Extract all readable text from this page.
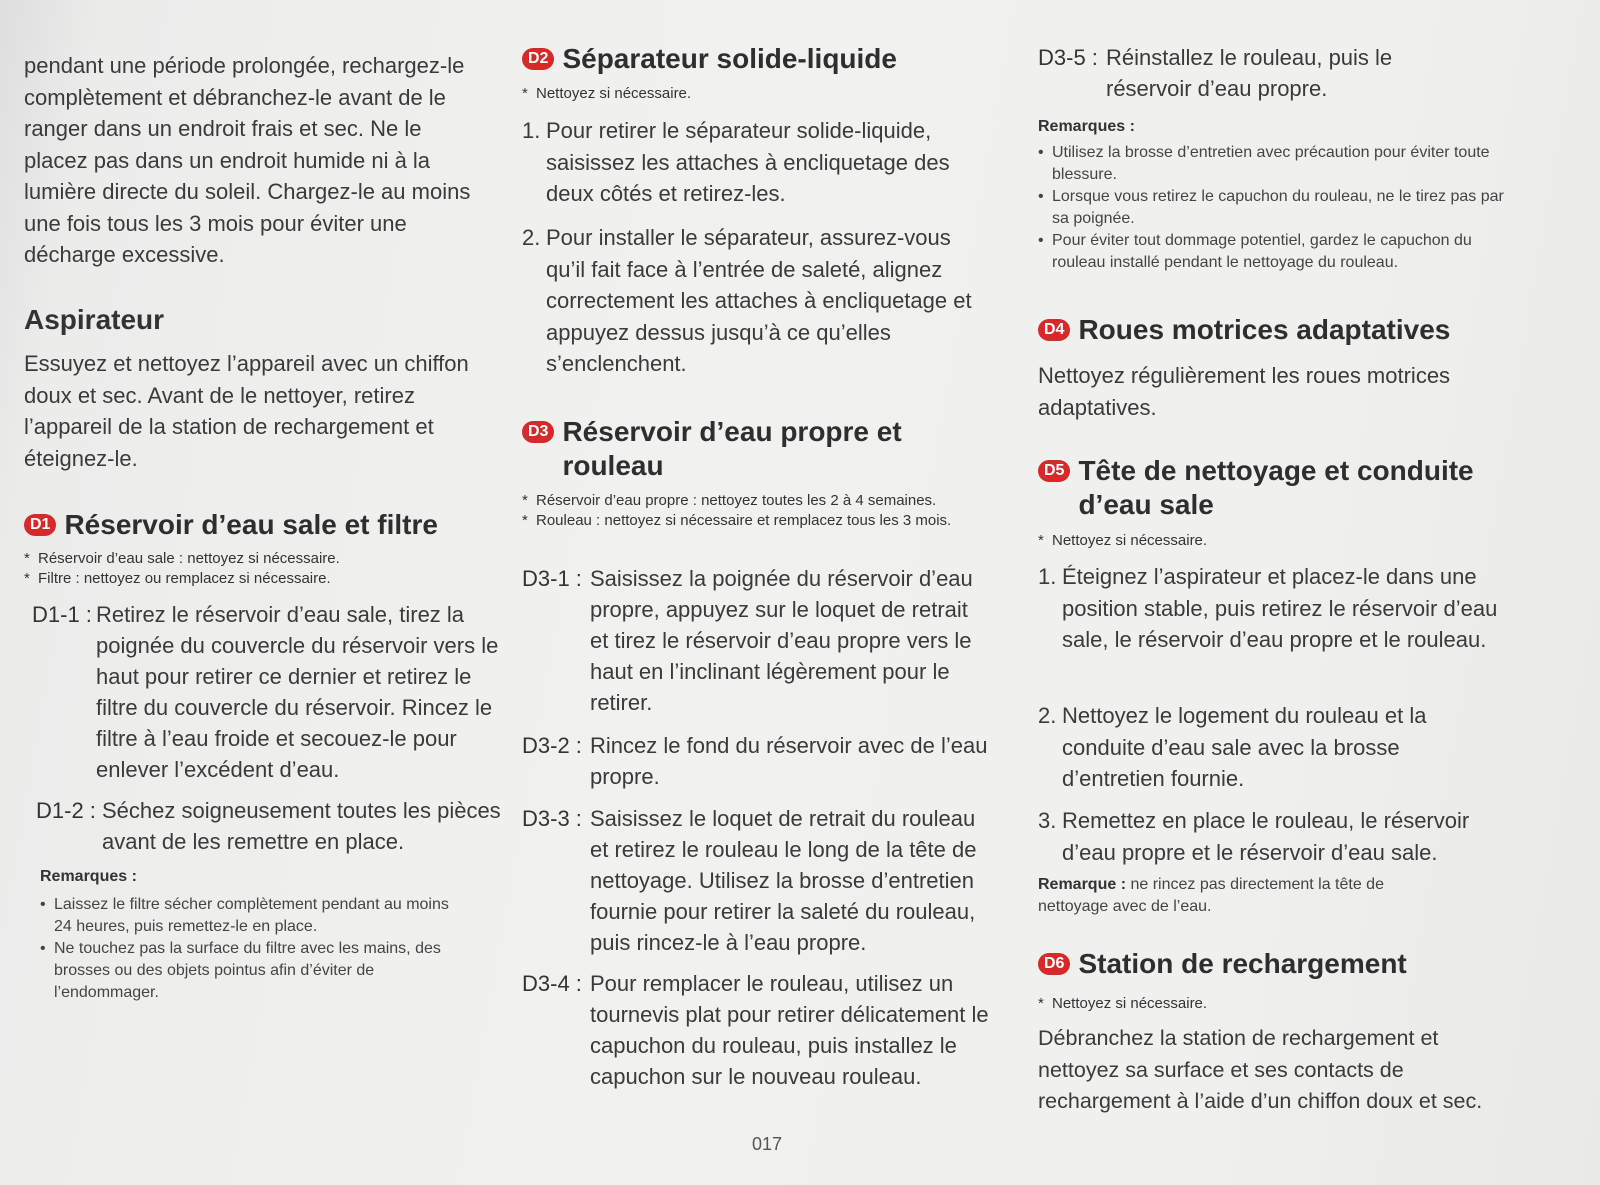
pendant une période prolongée, rechargez-le complètement et débranchez-le avant de le ranger dans un endroit frais et sec. Ne le placez pas dans un endroit humide ni à la lumière directe du soleil. Chargez-le au moins une fois tous les 3 mois pour éviter une décharge excessive.

Aspirateur

Essuyez et nettoyez l’appareil avec un chiffon doux et sec. Avant de le nettoyer, retirez l’appareil de la station de rechargement et éteignez-le.

D1 Réservoir d’eau sale et filtre

* Réservoir d’eau sale : nettoyez si nécessaire.

* Filtre : nettoyez ou remplacez si nécessaire.

D1-1 : Retirez le réservoir d’eau sale, tirez la poignée du couvercle du réservoir vers le haut pour retirer ce dernier et retirez le filtre du couvercle du réservoir. Rincez le filtre à l’eau froide et secouez-le pour enlever l’excédent d’eau.
D1-2 : Séchez soigneusement toutes les pièces avant de les remettre en place.

Remarques :

• Laissez le filtre sécher complètement pendant au moins 24 heures, puis remettez-le en place.

• Ne touchez pas la surface du filtre avec les mains, des brosses ou des objets pointus afin d’éviter de l’endommager.

D2 Séparateur solide-liquide

* Nettoyez si nécessaire.

1. Pour retirer le séparateur solide-liquide, saisissez les attaches à encliquetage des deux côtés et retirez-les.
2. Pour installer le séparateur, assurez-vous qu’il fait face à l’entrée de saleté, alignez correctement les attaches à encliquetage et appuyez dessus jusqu’à ce qu’elles s’enclenchent.
D3 Réservoir d’eau propre et rouleau

* Réservoir d’eau propre : nettoyez toutes les 2 à 4 semaines.

* Rouleau : nettoyez si nécessaire et remplacez tous les 3 mois.

D3-1 : Saisissez la poignée du réservoir d’eau propre, appuyez sur le loquet de retrait et tirez le réservoir d’eau propre vers le haut en l’inclinant légèrement pour le retirer.
D3-2 : Rincez le fond du réservoir avec de l’eau propre.
D3-3 : Saisissez le loquet de retrait du rouleau et retirez le rouleau le long de la tête de nettoyage. Utilisez la brosse d’entretien fournie pour retirer la saleté du rouleau, puis rincez-le à l’eau propre.
D3-4 : Pour remplacer le rouleau, utilisez un tournevis plat pour retirer délicatement le capuchon du rouleau, puis installez le capuchon sur le nouveau rouleau.
D3-5 : Réinstallez le rouleau, puis le réservoir d’eau propre.

Remarques :

• Utilisez la brosse d’entretien avec précaution pour éviter toute blessure.

• Lorsque vous retirez le capuchon du rouleau, ne le tirez pas par sa poignée.

• Pour éviter tout dommage potentiel, gardez le capuchon du rouleau installé pendant le nettoyage du rouleau.

D4 Roues motrices adaptatives

Nettoyez régulièrement les roues motrices adaptatives.

D5 Tête de nettoyage et conduite d’eau sale

* Nettoyez si nécessaire.

1. Éteignez l’aspirateur et placez-le dans une position stable, puis retirez le réservoir d’eau sale, le réservoir d’eau propre et le rouleau.
2. Nettoyez le logement du rouleau et la conduite d’eau sale avec la brosse d’entretien fournie.
3. Remettez en place le rouleau, le réservoir d’eau propre et le réservoir d’eau sale.

Remarque : ne rincez pas directement la tête de nettoyage avec de l’eau.

D6 Station de rechargement

* Nettoyez si nécessaire.

Débranchez la station de rechargement et nettoyez sa surface et ses contacts de rechargement à l’aide d’un chiffon doux et sec.

017
